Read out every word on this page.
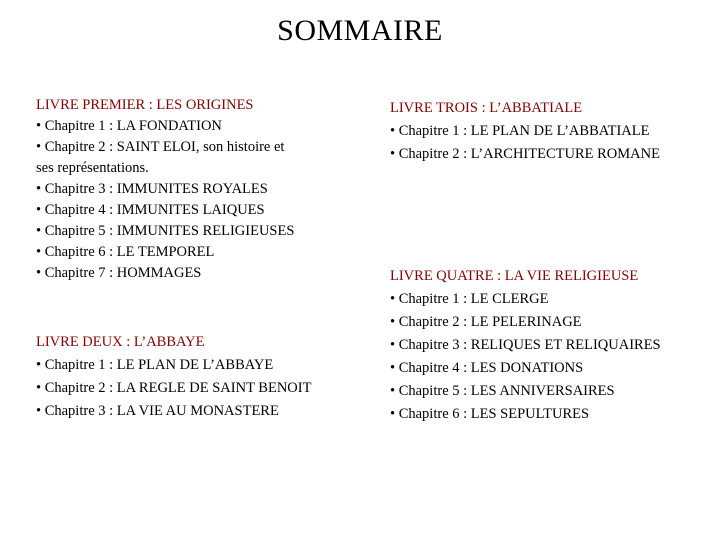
SOMMAIRE
LIVRE PREMIER : LES ORIGINES
• Chapitre 1 : LA FONDATION
• Chapitre 2 : SAINT ELOI, son histoire et
ses représentations.
• Chapitre 3 : IMMUNITES ROYALES
• Chapitre 4 : IMMUNITES LAIQUES
• Chapitre 5 : IMMUNITES RELIGIEUSES
• Chapitre 6 : LE TEMPOREL
• Chapitre 7 : HOMMAGES
LIVRE DEUX : L’ABBAYE
• Chapitre 1 : LE PLAN DE L’ABBAYE
• Chapitre 2 : LA REGLE DE SAINT BENOIT
• Chapitre 3 : LA VIE AU MONASTERE
LIVRE TROIS : L’ABBATIALE
• Chapitre 1 : LE PLAN DE L’ABBATIALE
• Chapitre 2 : L’ARCHITECTURE ROMANE
LIVRE QUATRE : LA VIE RELIGIEUSE
• Chapitre 1 : LE CLERGE
• Chapitre 2 : LE PELERINAGE
• Chapitre 3 : RELIQUES ET RELIQUAIRES
• Chapitre 4 : LES DONATIONS
• Chapitre 5 : LES ANNIVERSAIRES
• Chapitre 6 : LES SEPULTURES
